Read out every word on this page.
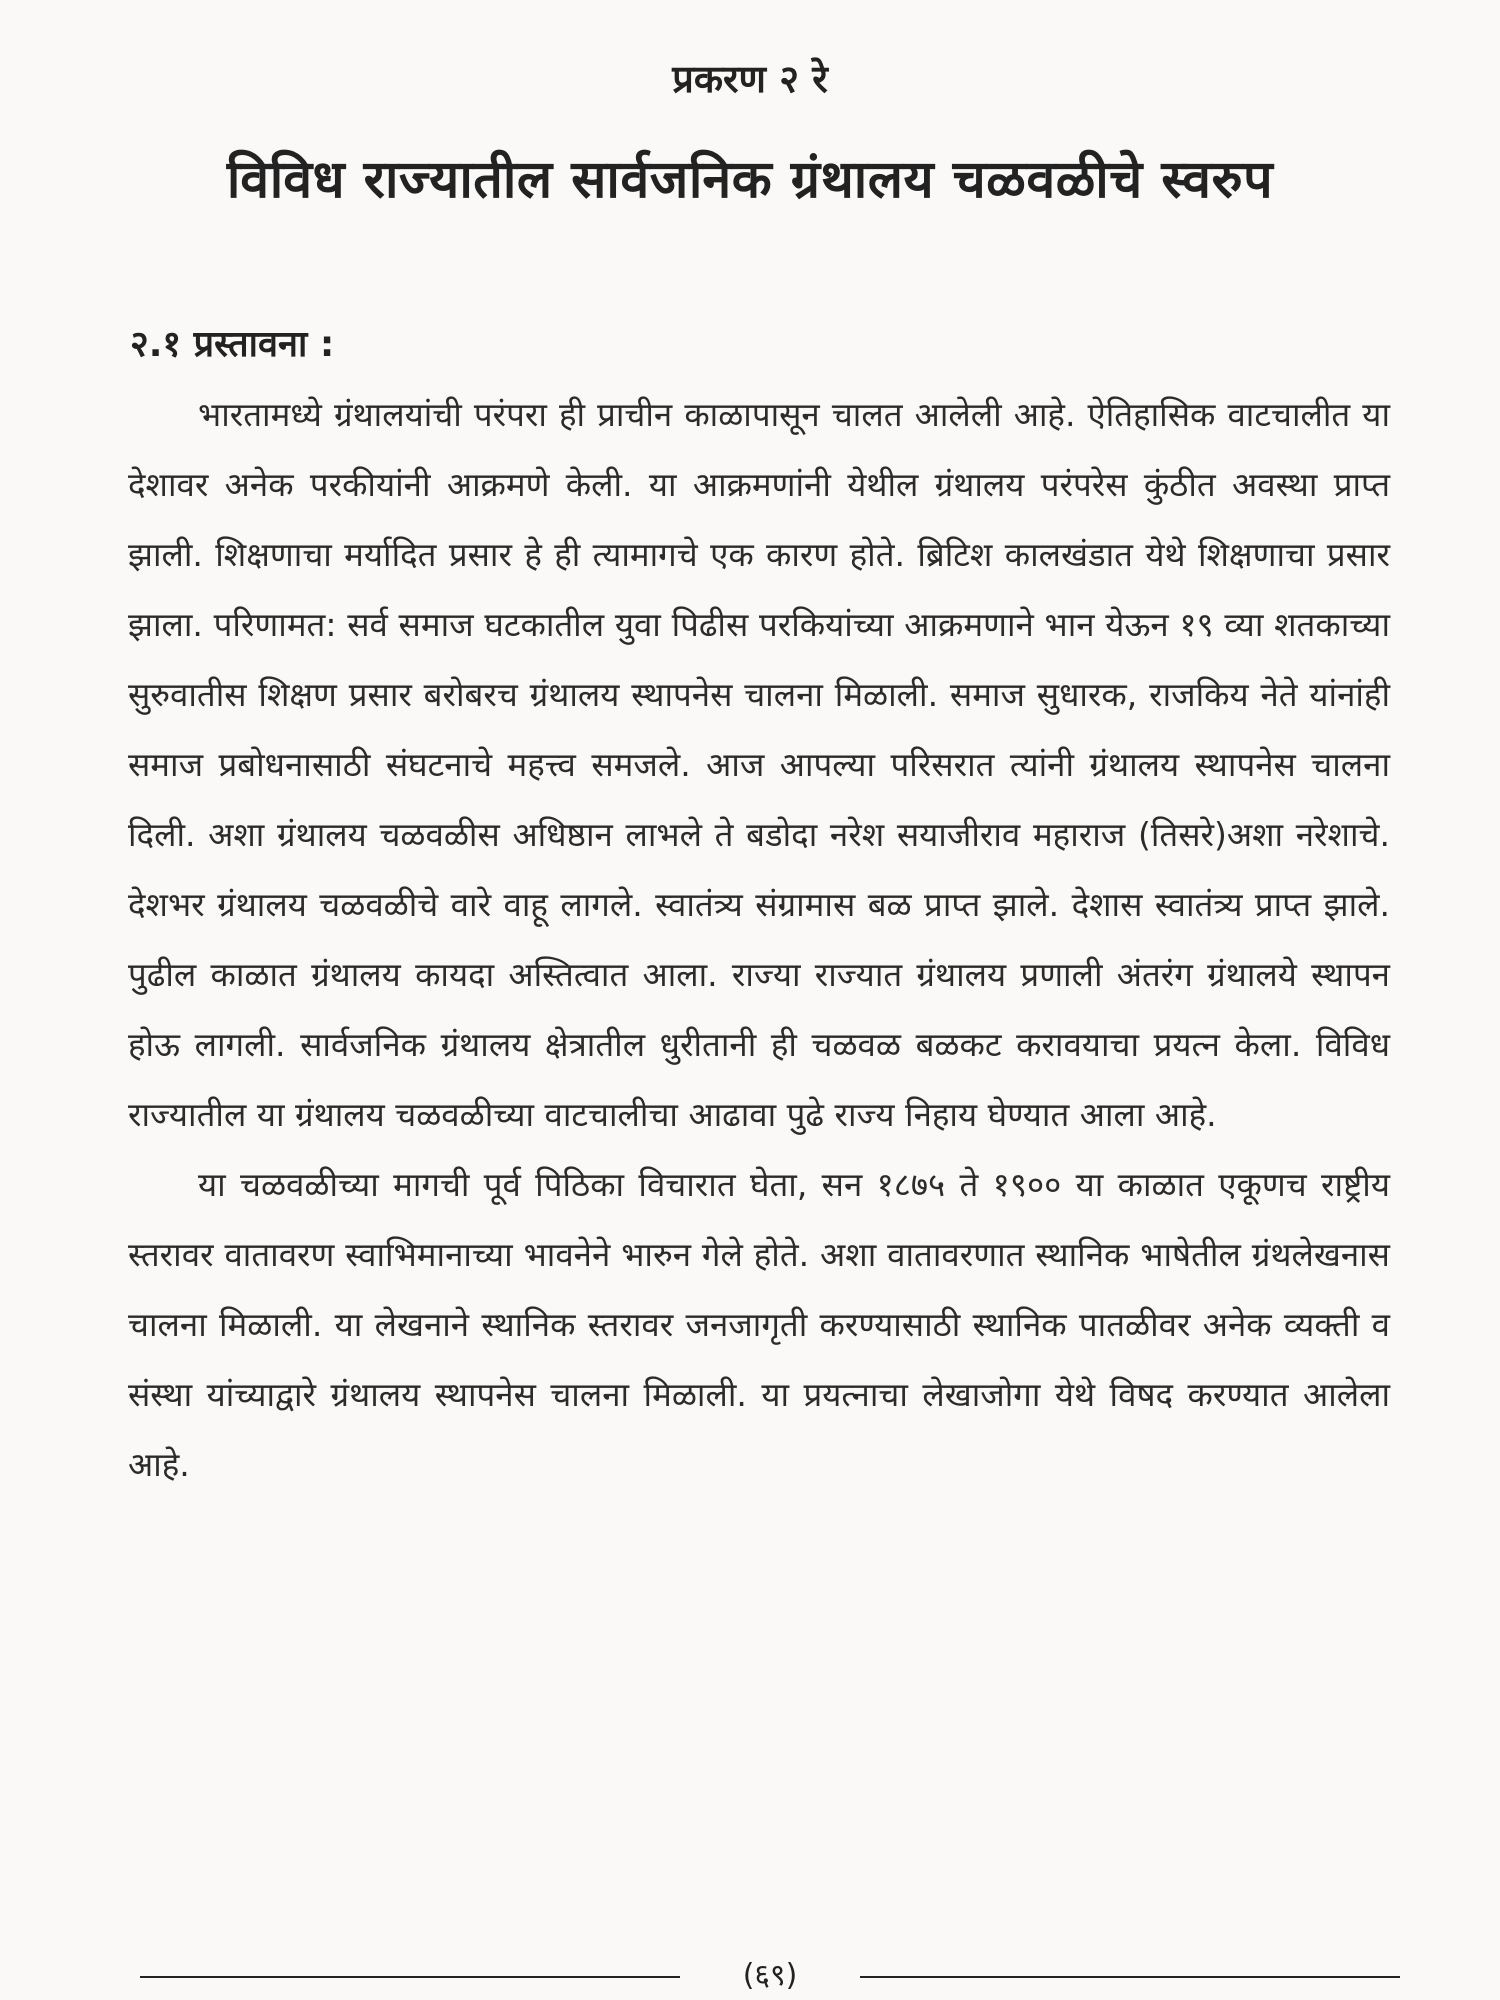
प्रकरण २ रे
विविध राज्यातील सार्वजनिक ग्रंथालय चळवळीचे स्वरुप
२.१ प्रस्तावना :

भारतामध्ये ग्रंथालयांची परंपरा ही प्राचीन काळापासून चालत आलेली आहे. ऐतिहासिक वाटचालीत या देशावर अनेक परकीयांनी आक्रमणे केली. या आक्रमणांनी येथील ग्रंथालय परंपरेस कुंठीत अवस्था प्राप्त झाली. शिक्षणाचा मर्यादित प्रसार हे ही त्यामागचे एक कारण होते. ब्रिटिश कालखंडात येथे शिक्षणाचा प्रसार झाला. परिणामत: सर्व समाज घटकातील युवा पिढीस परकियांच्या आक्रमणाने भान येऊन १९ व्या शतकाच्या सुरुवातीस शिक्षण प्रसार बरोबरच ग्रंथालय स्थापनेस चालना मिळाली. समाज सुधारक, राजकिय नेते यांनांही समाज प्रबोधनासाठी संघटनाचे महत्त्व समजले. आज आपल्या परिसरात त्यांनी ग्रंथालय स्थापनेस चालना दिली. अशा ग्रंथालय चळवळीस अधिष्ठान लाभले ते बडोदा नरेश सयाजीराव महाराज (तिसरे)अशा नरेशाचे. देशभर ग्रंथालय चळवळीचे वारे वाहू लागले. स्वातंत्र्य संग्रामास बळ प्राप्त झाले. देशास स्वातंत्र्य प्राप्त झाले. पुढील काळात ग्रंथालय कायदा अस्तित्वात आला. राज्या राज्यात ग्रंथालय प्रणाली अंतरंग ग्रंथालये स्थापन होऊ लागली. सार्वजनिक ग्रंथालय क्षेत्रातील धुरीतानी ही चळवळ बळकट करावयाचा प्रयत्न केला. विविध राज्यातील या ग्रंथालय चळवळीच्या वाटचालीचा आढावा पुढे राज्य निहाय घेण्यात आला आहे.

या चळवळीच्या मागची पूर्व पिठिका विचारात घेता, सन १८७५ ते १९०० या काळात एकूणच राष्ट्रीय स्तरावर वातावरण स्वाभिमानाच्या भावनेने भारुन गेले होते. अशा वातावरणात स्थानिक भाषेतील ग्रंथलेखनास चालना मिळाली. या लेखनाने स्थानिक स्तरावर जनजागृती करण्यासाठी स्थानिक पातळीवर अनेक व्यक्ती व संस्था यांच्याद्वारे ग्रंथालय स्थापनेस चालना मिळाली. या प्रयत्नाचा लेखाजोगा येथे विषद करण्यात आलेला आहे.

(६९)
